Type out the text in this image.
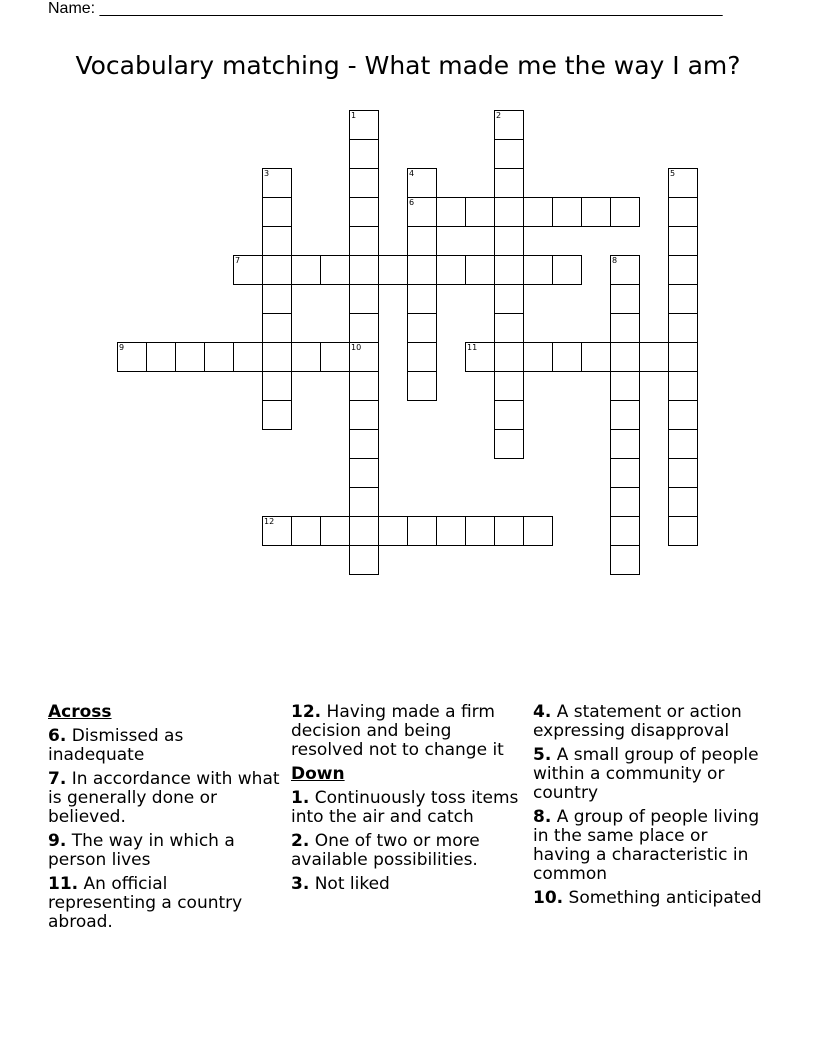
Name: ______________________________________________________________________
Vocabulary matching - What made me the way I am?
1
10
2
3	4
6
5
7	8
9	11
12
Across
6. Dismissed as inadequate
7. In accordance with what is generally done or believed.
9. The way in which a person lives
11. An official representing a country abroad.
12. Having made a firm decision and being resolved not to change it
Down
1. Continuously toss items into the air and catch
2. One of two or more available possibilities.
3. Not liked
4. A statement or action expressing disapproval
5. A small group of people within a community or country
8. A group of people living in the same place or having a characteristic in common
10. Something anticipated
